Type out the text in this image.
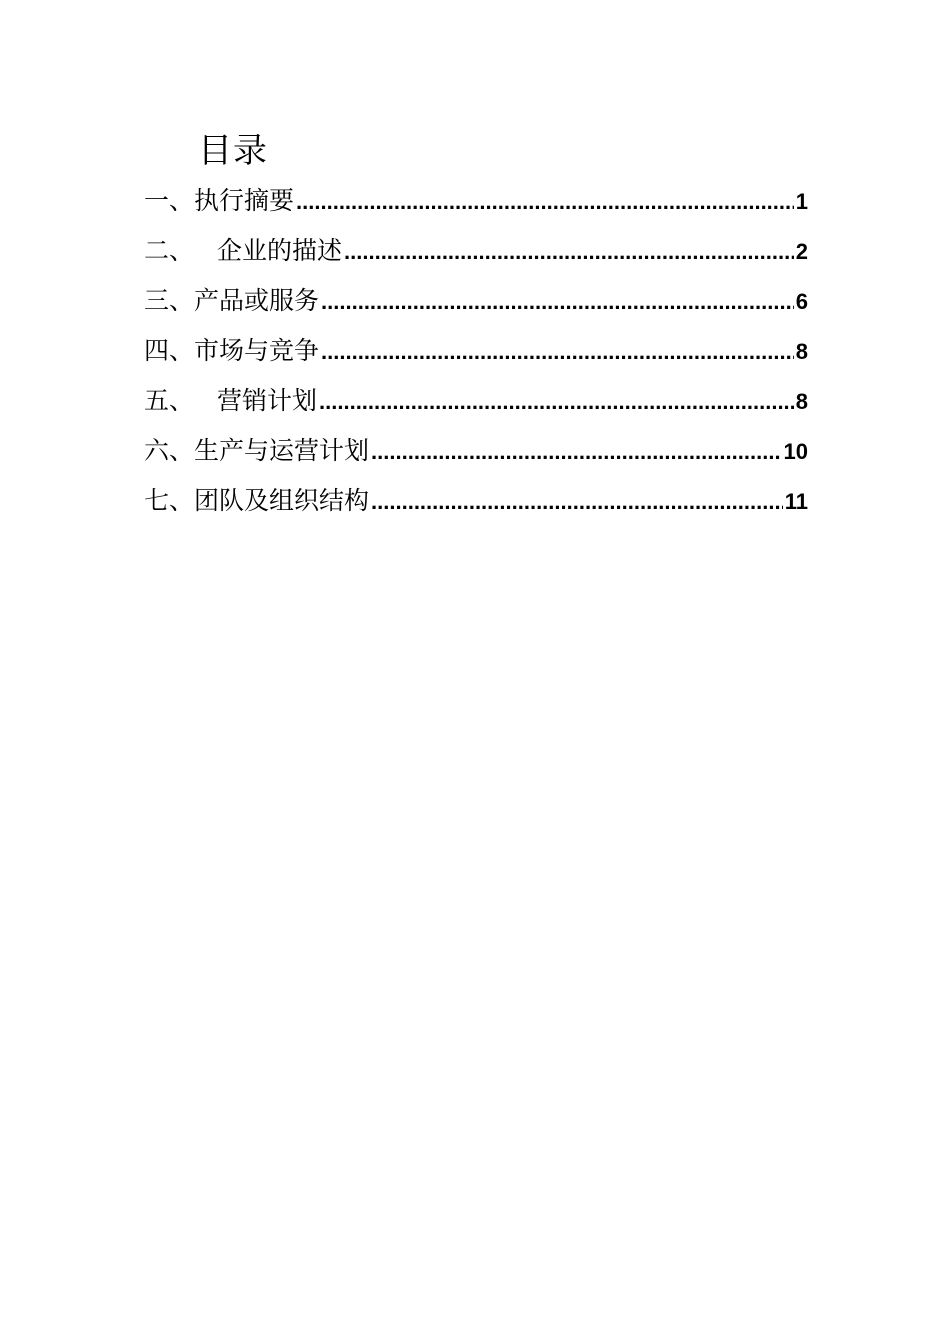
目录
一、 执行摘要 .....	1
二、 企业的描述 .....	2
三、 产品或服务 .....	6
四、 市场与竞争 .....	8
五、 营销计划 .....	8
六、 生产与运营计划 .....	10
七、 团队及组织结构 .....	11
